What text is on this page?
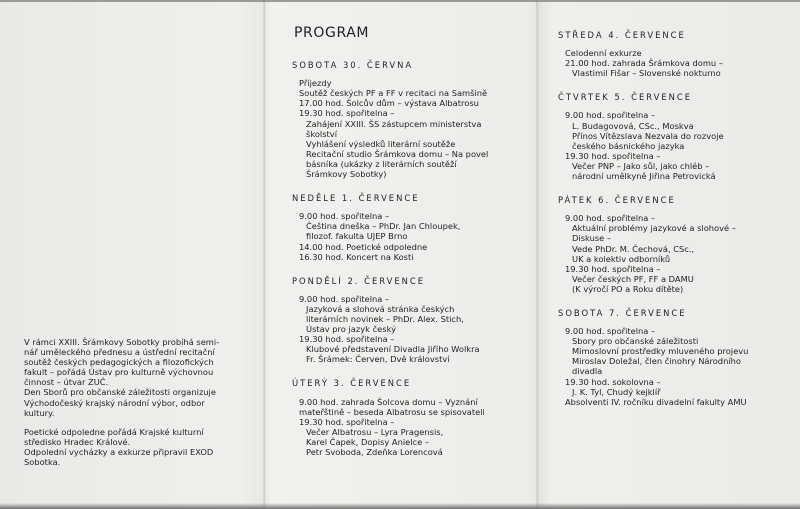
V rámci XXIII. Šrámkovy Sobotky probíhá semi-
nář uměleckého přednesu a ústřední recitační
soutěž českých pedagogických a filozofických
fakult – pořádá Ústav pro kulturně výchovnou
činnost – útvar ZUČ.
Den Sborů pro občanské záležitosti organizuje
Východočeský krajský národní výbor, odbor
kultury.
Poetické odpoledne pořádá Krajské kulturní
středisko Hradec Králové.
Odpolední vycházky a exkurze připravil EXOD
Sobotka.
PROGRAM
SOBOTA 30. ČERVNA
Příjezdy
Soutěž českých PF a FF v recitaci na Samšině
17.00 hod. Šolcův dům – výstava Albatrosu
19.30 hod. spořitelna –
Zahájení XXIII. ŠS zástupcem ministerstva
školství
Vyhlášení výsledků literární soutěže
Recitační studio Šrámkova domu – Na povel
básníka (ukázky z literárních soutěží
Šrámkovy Sobotky)
NEDĚLE 1. ČERVENCE
9.00 hod. spořitelna –
Čeština dneška – PhDr. Jan Chloupek,
filozof. fakulta UJEP Brno
14.00 hod. Poetické odpoledne
16.30 hod. Koncert na Kosti
PONDĚLÍ 2. ČERVENCE
9.00 hod. spořitelna –
Jazyková a slohová stránka českých
literárních novinek – PhDr. Alex. Stich,
Ústav pro jazyk český
19.30 hod. spořitelna –
Klubové představení Divadla Jiřího Wolkra
Fr. Šrámek: Červen, Dvě království
ÚTERÝ 3. ČERVENCE
9.00 hod. zahrada Šolcova domu – Vyznání
mateřštině – beseda Albatrosu se spisovateli
19.30 hod. spořitelna –
Večer Albatrosu – Lyra Pragensis,
Karel Čapek, Dopisy Anielce –
Petr Svoboda, Zdeňka Lorencová
STŘEDA 4. ČERVENCE
Celodenní exkurze
21.00 hod. zahrada Šrámkova domu –
Vlastimil Fišar – Slovenské nokturno
ČTVRTEK 5. ČERVENCE
9.00 hod. spořitelna –
L. Budagovová, CSc., Moskva
Přínos Vítězslava Nezvala do rozvoje
českého básnického jazyka
19.30 hod. spořitelna –
Večer PNP – Jako sůl, jako chléb –
národní umělkyně Jiřina Petrovická
PÁTEK 6. ČERVENCE
9.00 hod. spořitelna –
Aktuální problémy jazykové a slohové –
Diskuse –
Vede PhDr. M. Čechová, CSc.,
UK a kolektiv odborníků
19.30 hod. spořitelna –
Večer českých PF, FF a DAMU
(K výročí PO a Roku dítěte)
SOBOTA 7. ČERVENCE
9.00 hod. spořitelna –
Sbory pro občanské záležitosti
Mimoslovní prostředky mluveného projevu
Miroslav Doležal, člen činohry Národního
divadla
19.30 hod. sokolovna –
J. K. Tyl, Chudý kejklíř
Absolventi IV. ročníku divadelní fakulty AMU
